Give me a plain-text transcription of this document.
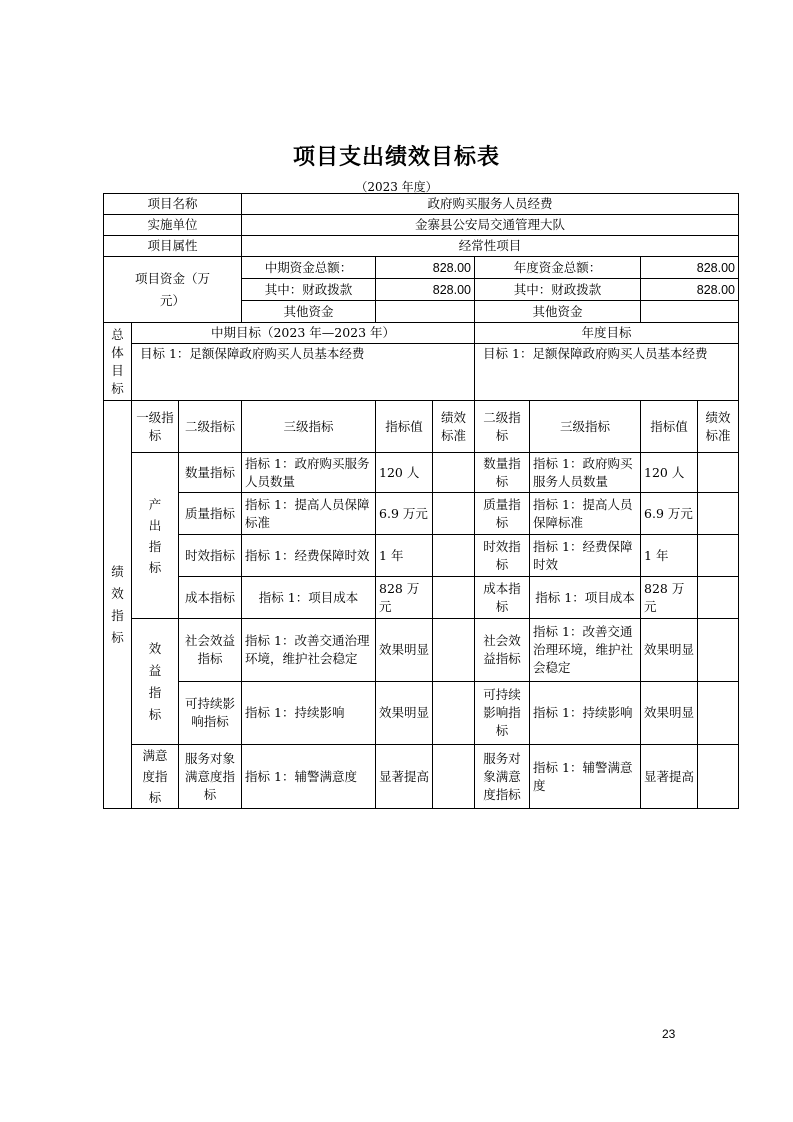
项目支出绩效目标表
（2023 年度）
项目名称			政府购买服务人员经费						
实施单位			金寨县公安局交通管理大队						
项目属性			经常性项目						

项目资金（万元）			中期资金总额：	828.00		年度资金总额：		828.00	
			其中：财政拨款	828.00		其中：财政拨款		828.00	
			其他资金			其他资金			

总体目标	中期目标（2023 年—2023 年）					年度目标			
	目标 1：足额保障政府购买人员基本经费					目标 1：足额保障政府购买人员基本经费			

绩效指标	一级指标	二级指标	三级指标	指标值	绩效标准	二级指标	三级指标	指标值	绩效标准

	产出指标	数量指标	指标 1：政府购买服务人员数量	120 人		数量指标	指标 1：政府购买服务人员数量	120 人	
		质量指标	指标 1：提高人员保障标准	6.9 万元		质量指标	指标 1：提高人员保障标准	6.9 万元	
		时效指标	指标 1：经费保障时效	1 年		时效指标	指标 1：经费保障时效	1 年	
		成本指标	指标 1：项目成本	828 万元		成本指标	指标 1：项目成本	828 万元	

	效益指标	社会效益指标	指标 1：改善交通治理环境，维护社会稳定	效果明显		社会效益指标	指标 1：改善交通治理环境，维护社会稳定	效果明显	
		可持续影响指标	指标 1：持续影响	效果明显		可持续影响指标	指标 1：持续影响	效果明显	

	满意度指标	服务对象满意度指标	指标 1：辅警满意度	显著提高		服务对象满意度指标	指标 1：辅警满意度	显著提高	
23
